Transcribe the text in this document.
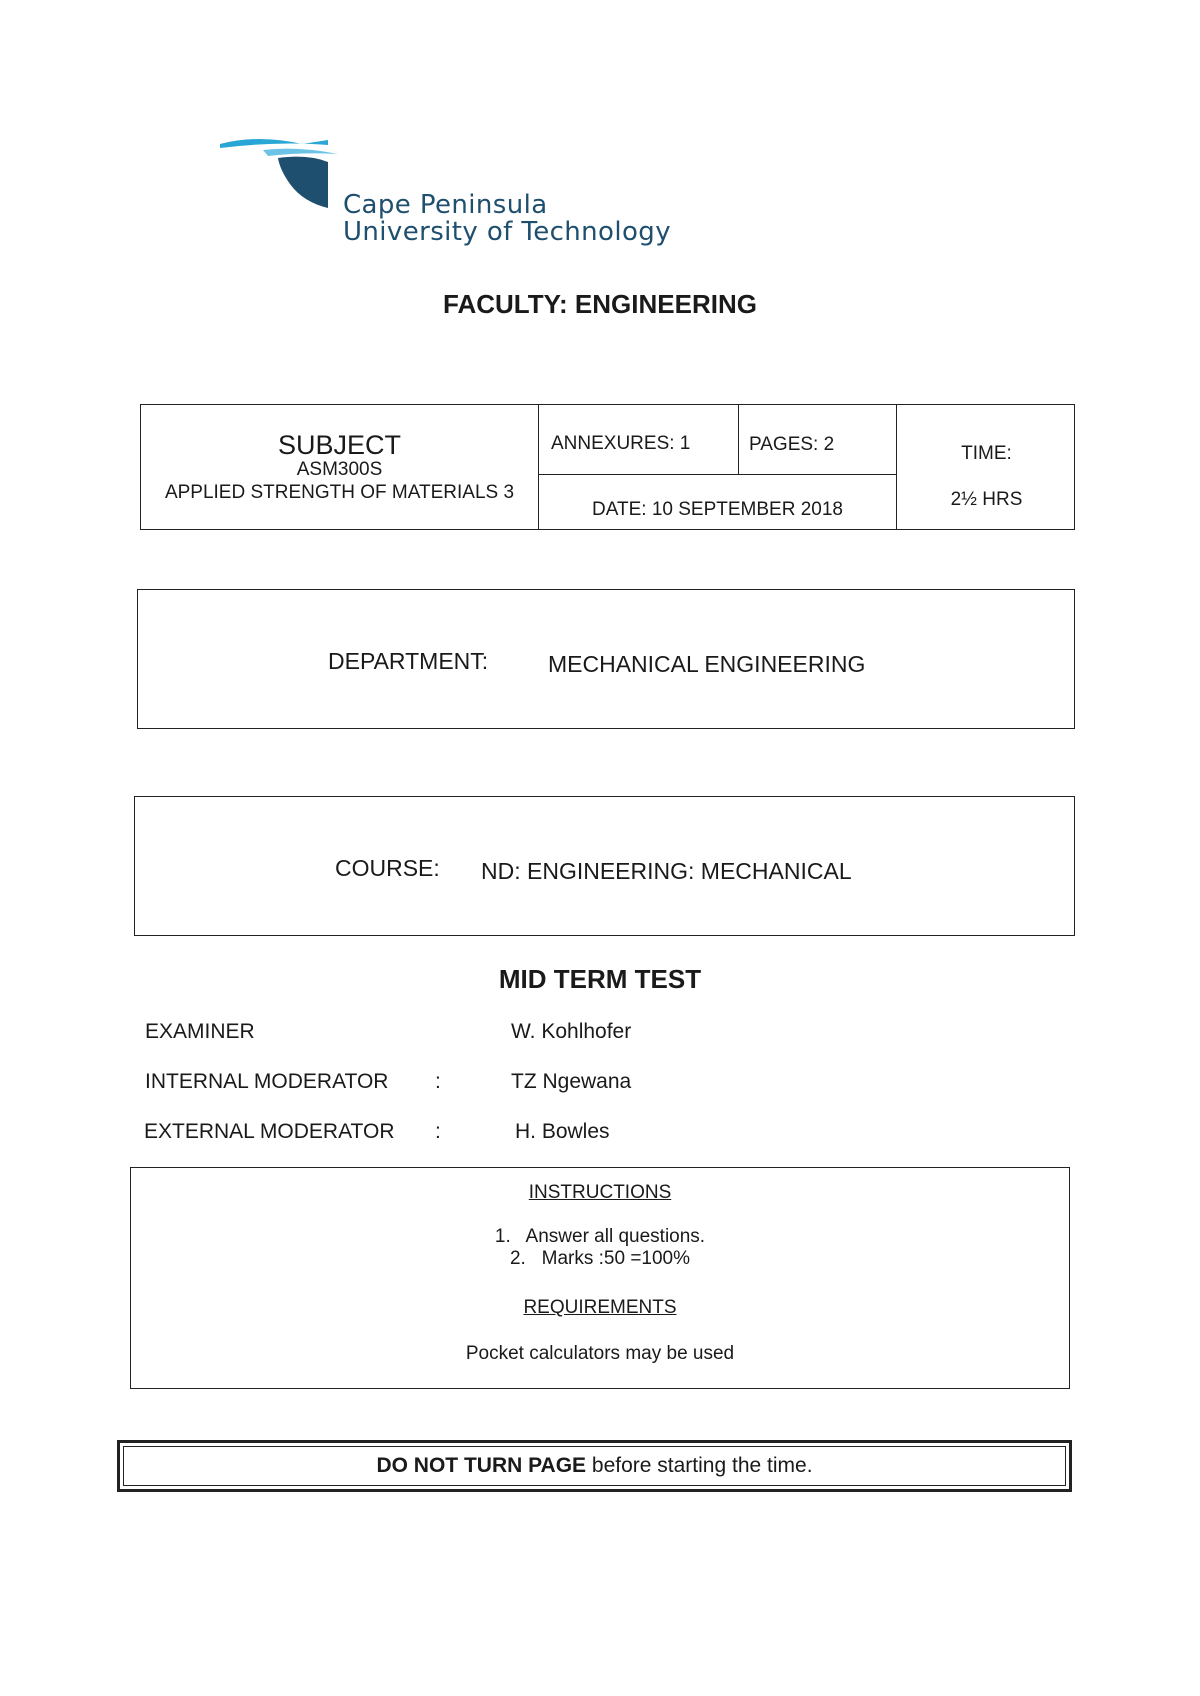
Cape Peninsula
University of Technology
FACULTY: ENGINEERING
SUBJECT
ASM300S
APPLIED STRENGTH OF MATERIALS 3
ANNEXURES: 1	PAGES: 2
DATE: 10 SEPTEMBER 2018
TIME:
2½ HRS
DEPARTMENT:	MECHANICAL ENGINEERING
COURSE: ND: ENGINEERING: MECHANICAL
MID TERM TEST
EXAMINER	W. Kohlhofer
INTERNAL MODERATOR :	TZ Ngewana
EXTERNAL MODERATOR :	H. Bowles
INSTRUCTIONS
1.   Answer all questions.
2.   Marks :50 =100%
REQUIREMENTS
Pocket calculators may be used
DO NOT TURN PAGE before starting the time.
